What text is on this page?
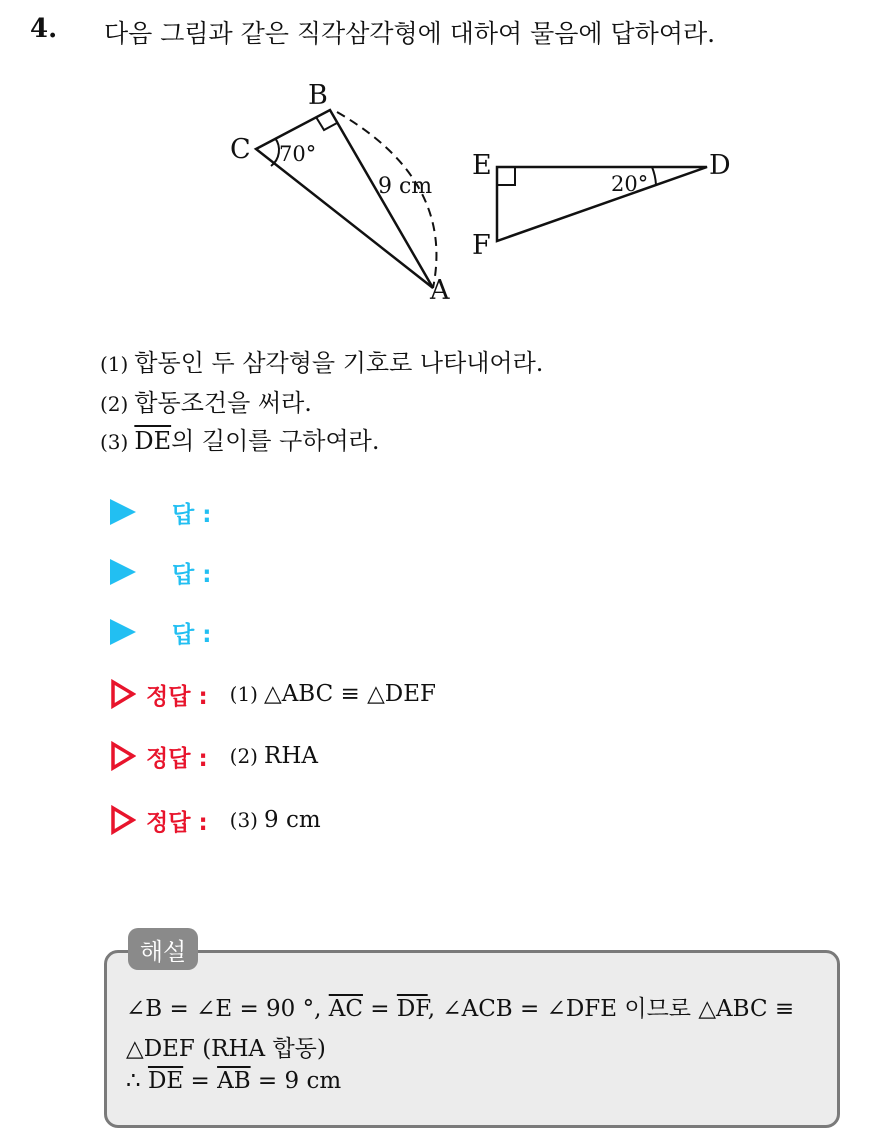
4. 다음 그림과 같은 직각삼각형에 대하여 물음에 답하여라.
B
C
A
70°
9 cm
E	D
F
20°
(1) 합동인 두 삼각형을 기호로 나타내어라.
(2) 합동조건을 써라.
(3) $\overline{DE}$의 길이를 구하여라.
답 :
답 :
답 :
정답 : (1) △ABC ≡ △DEF
정답 : (2) RHA
정답 : (3) 9 cm
해설
∠B = ∠E = 90 °, $\overline{AC} = \overline{DF}$, ∠ACB = ∠DFE 이므로 △ABC ≡
△DEF (RHA 합동)
∴ $\overline{DE} = \overline{AB} = 9$ cm
